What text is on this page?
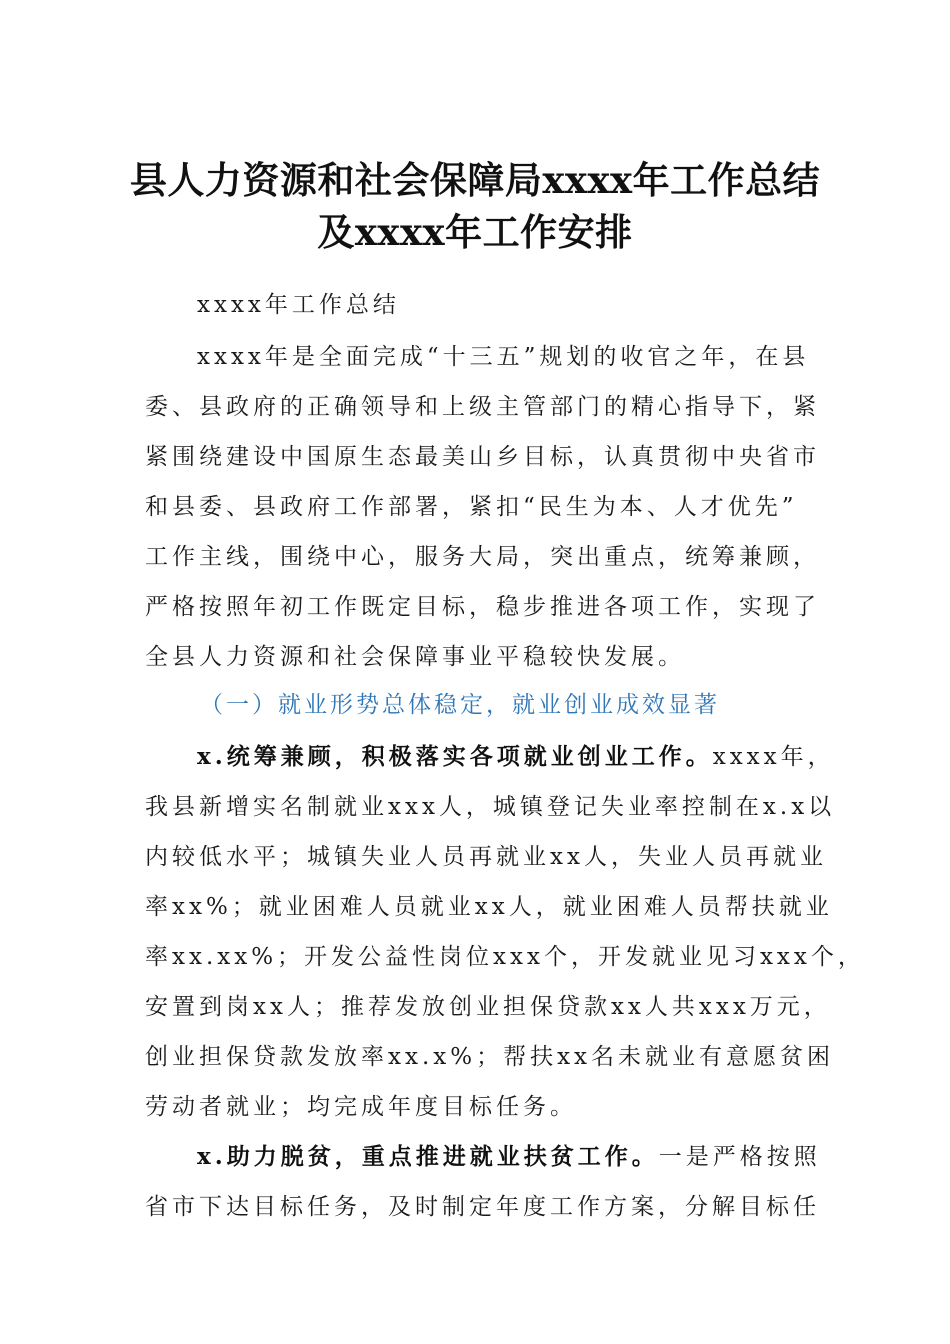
县人力资源和社会保障局xxxx年工作总结
及xxxx年工作安排
xxxx年工作总结
xxxx年是全面完成“十三五”规划的收官之年，在县
委、县政府的正确领导和上级主管部门的精心指导下，紧
紧围绕建设中国原生态最美山乡目标，认真贯彻中央省市
和县委、县政府工作部署，紧扣“民生为本、人才优先”
工作主线，围绕中心，服务大局，突出重点，统筹兼顾，
严格按照年初工作既定目标，稳步推进各项工作，实现了
全县人力资源和社会保障事业平稳较快发展。
（一）就业形势总体稳定，就业创业成效显著
x.统筹兼顾，积极落实各项就业创业工作。xxxx年，
我县新增实名制就业xxx人，城镇登记失业率控制在x.x以
内较低水平；城镇失业人员再就业xx人，失业人员再就业
率xx%；就业困难人员就业xx人，就业困难人员帮扶就业
率xx.xx%；开发公益性岗位xxx个，开发就业见习xxx个，
安置到岗xx人；推荐发放创业担保贷款xx人共xxx万元，
创业担保贷款发放率xx.x%；帮扶xx名未就业有意愿贫困
劳动者就业；均完成年度目标任务。
x.助力脱贫，重点推进就业扶贫工作。一是严格按照
省市下达目标任务，及时制定年度工作方案，分解目标任
